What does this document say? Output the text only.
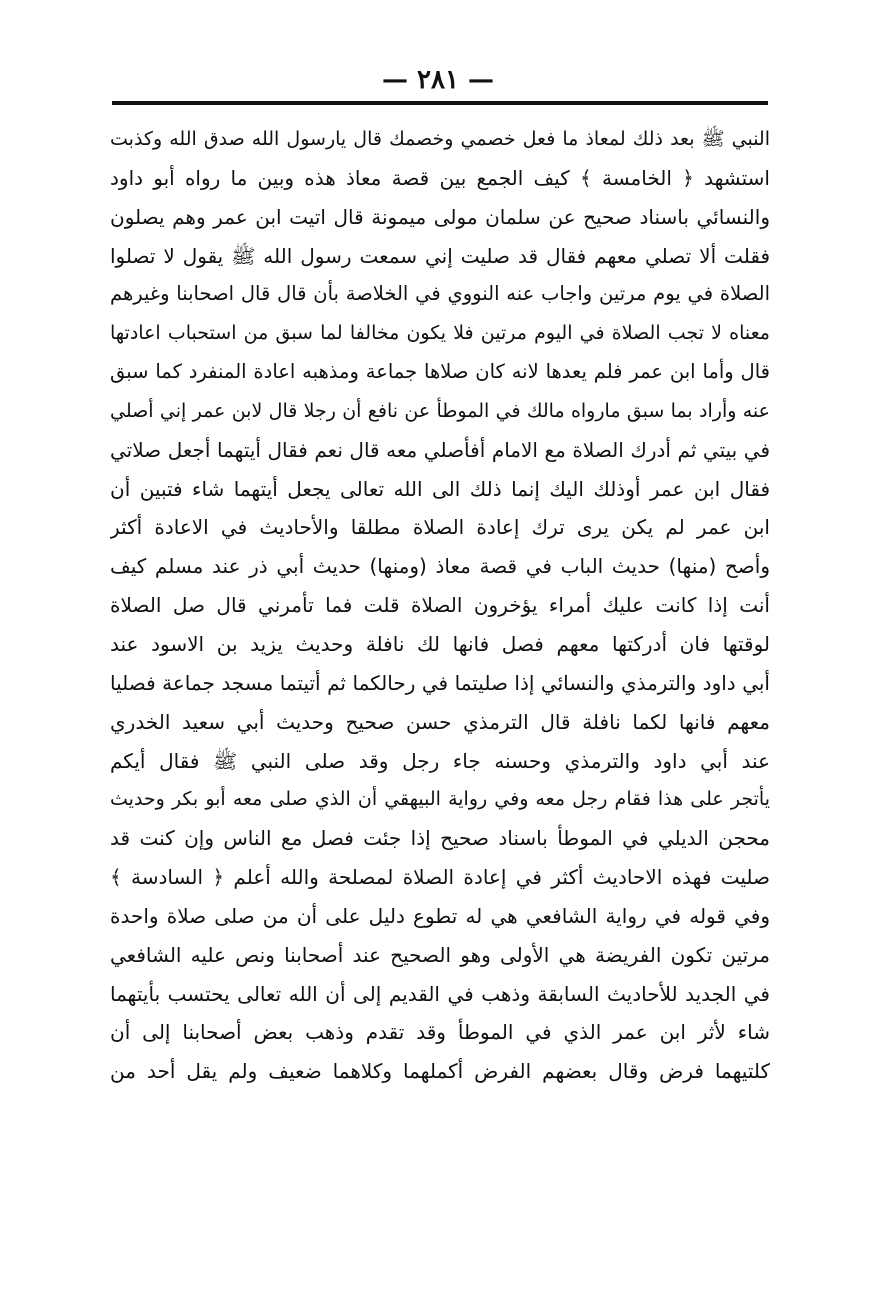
— ٢٨١ —
النبي ﷺ بعد ذلك لمعاذ ما فعل خصمي وخصمك قال يارسول الله صدق الله وكذبت
استشهد ﴿ الخامسة ﴾ كيف الجمع بين قصة معاذ هذه وبين ما رواه أبو داود
والنسائي باسناد صحيح عن سلمان مولى ميمونة قال اتيت ابن عمر وهم يصلون
فقلت ألا تصلي معهم فقال قد صليت إني سمعت رسول الله ﷺ يقول لا تصلوا
الصلاة في يوم مرتين واجاب عنه النووي في الخلاصة بأن قال قال اصحابنا وغيرهم
معناه لا تجب الصلاة في اليوم مرتين فلا يكون مخالفا لما سبق من استحباب اعادتها
قال وأما ابن عمر فلم يعدها لانه كان صلاها جماعة ومذهبه اعادة المنفرد كما سبق
عنه وأراد بما سبق مارواه مالك في الموطأ عن نافع أن رجلا قال لابن عمر إني أصلي
في بيتي ثم أدرك الصلاة مع الامام أفأصلي معه قال نعم فقال أيتهما أجعل صلاتي
فقال ابن عمر أوذلك اليك إنما ذلك الى الله تعالى يجعل أيتهما شاء فتبين أن
ابن عمر لم يكن يرى ترك إعادة الصلاة مطلقا والأحاديث في الاعادة أكثر
وأصح (منها) حديث الباب في قصة معاذ (ومنها) حديث أبي ذر عند مسلم كيف
أنت إذا كانت عليك أمراء يؤخرون الصلاة قلت فما تأمرني قال صل الصلاة
لوقتها فان أدركتها معهم فصل فانها لك نافلة وحديث يزيد بن الاسود عند
أبي داود والترمذي والنسائي إذا صليتما في رحالكما ثم أتيتما مسجد جماعة فصليا
معهم فانها لكما نافلة قال الترمذي حسن صحيح وحديث أبي سعيد الخدري
عند أبي داود والترمذي وحسنه جاء رجل وقد صلى النبي ﷺ فقال أيكم
يأتجر على هذا فقام رجل معه وفي رواية البيهقي أن الذي صلى معه أبو بكر وحديث
محجن الديلي في الموطأ باسناد صحيح إذا جئت فصل مع الناس وإن كنت قد
صليت فهذه الاحاديث أكثر في إعادة الصلاة لمصلحة والله أعلم ﴿ السادسة ﴾
وفي قوله في رواية الشافعي هي له تطوع دليل على أن من صلى صلاة واحدة
مرتين تكون الفريضة هي الأولى وهو الصحيح عند أصحابنا ونص عليه الشافعي
في الجديد للأحاديث السابقة وذهب في القديم إلى أن الله تعالى يحتسب بأيتهما
شاء لأثر ابن عمر الذي في الموطأ وقد تقدم وذهب بعض أصحابنا إلى أن
كلتيهما فرض وقال بعضهم الفرض أكملهما وكلاهما ضعيف ولم يقل أحد من
